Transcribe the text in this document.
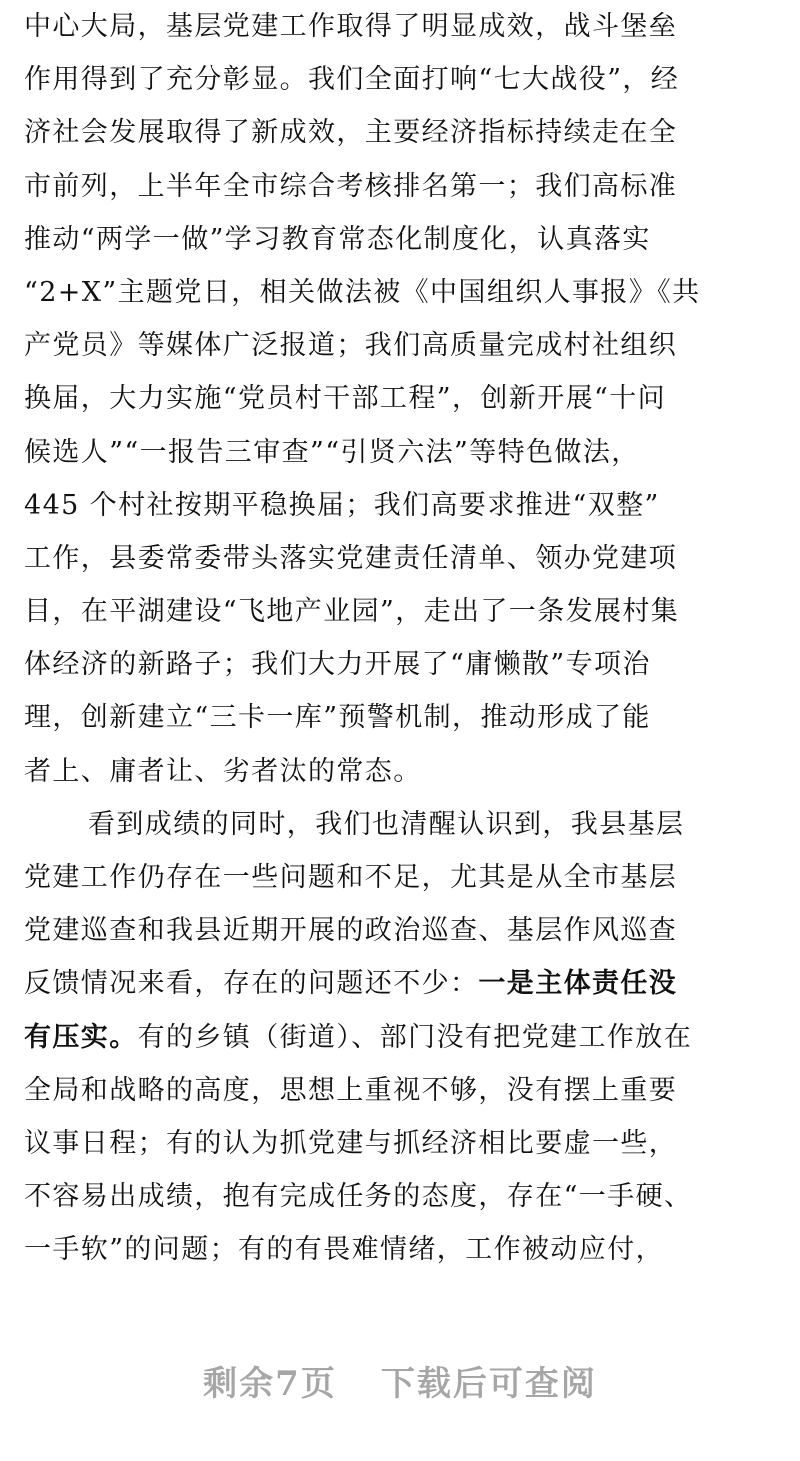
中心大局，基层党建工作取得了明显成效，战斗堡垒
作用得到了充分彰显。我们全面打响“七大战役”，经
济社会发展取得了新成效，主要经济指标持续走在全
市前列，上半年全市综合考核排名第一；我们高标准
推动“两学一做”学习教育常态化制度化，认真落实
“2+X”主题党日，相关做法被《中国组织人事报》《共
产党员》等媒体广泛报道；我们高质量完成村社组织
换届，大力实施“党员村干部工程”，创新开展“十问
候选人”“一报告三审查”“引贤六法”等特色做法，
445 个村社按期平稳换届；我们高要求推进“双整”
工作，县委常委带头落实党建责任清单、领办党建项
目，在平湖建设“飞地产业园”，走出了一条发展村集
体经济的新路子；我们大力开展了“庸懒散”专项治
理，创新建立“三卡一库”预警机制，推动形成了能
者上、庸者让、劣者汰的常态。
看到成绩的同时，我们也清醒认识到，我县基层
党建工作仍存在一些问题和不足，尤其是从全市基层
党建巡查和我县近期开展的政治巡查、基层作风巡查
反馈情况来看，存在的问题还不少：一是主体责任没
有压实。有的乡镇（街道）、部门没有把党建工作放在
全局和战略的高度，思想上重视不够，没有摆上重要
议事日程；有的认为抓党建与抓经济相比要虚一些，
不容易出成绩，抱有完成任务的态度，存在“一手硬、
一手软”的问题；有的有畏难情绪，工作被动应付，
剩余7页 下载后可查阅
